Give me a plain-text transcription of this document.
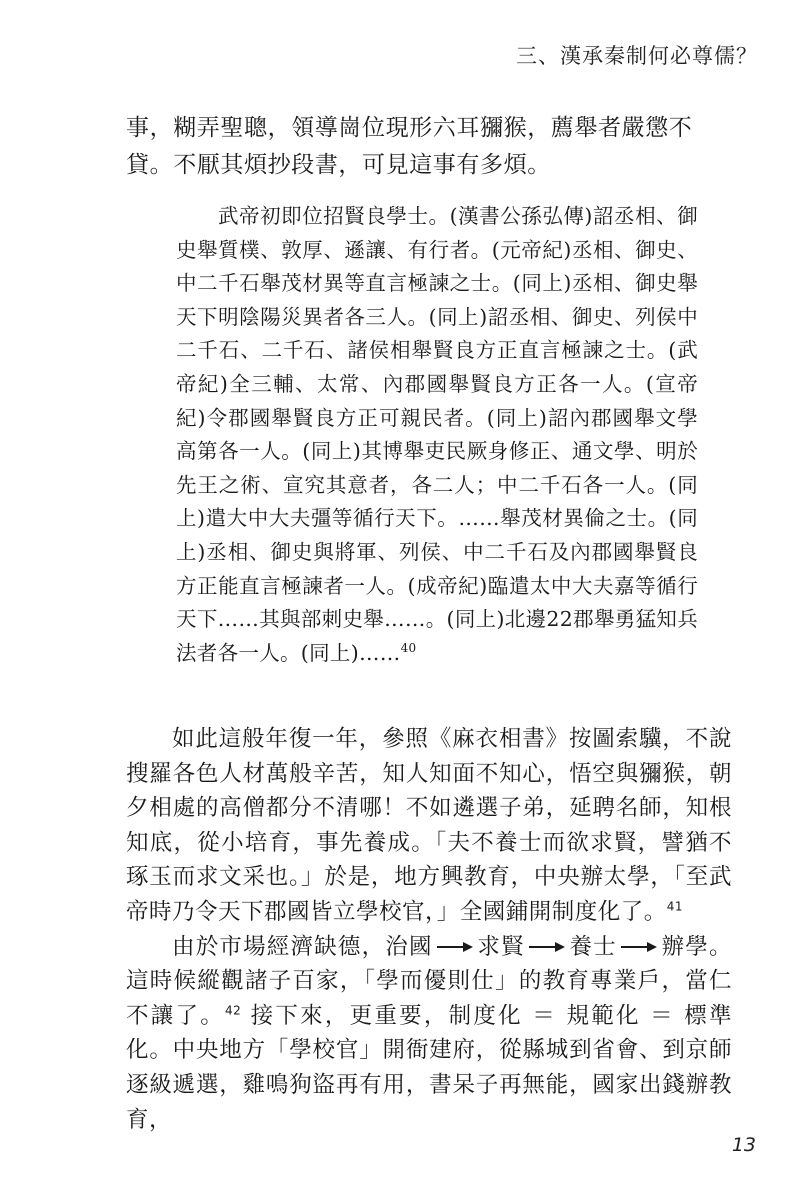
三、漢承秦制何必尊儒？

事，糊弄聖聰，領導崗位現形六耳獼猴，薦舉者嚴懲不貸。不厭其煩抄段書，可見這事有多煩。

武帝初即位招賢良學士。(漢書公孫弘傳)詔丞相、御史舉質樸、敦厚、遜讓、有行者。(元帝紀)丞相、御史、中二千石舉茂材異等直言極諫之士。(同上)丞相、御史舉天下明陰陽災異者各三人。(同上)詔丞相、御史、列侯中二千石、二千石、諸侯相舉賢良方正直言極諫之士。(武帝紀)全三輔、太常、內郡國舉賢良方正各一人。(宣帝紀)令郡國舉賢良方正可親民者。(同上)詔內郡國舉文學高第各一人。(同上)其博舉吏民厥身修正、通文學、明於先王之術、宣究其意者，各二人；中二千石各一人。(同上)遣大中大夫彊等循行天下。……舉茂材異倫之士。(同上)丞相、御史與將軍、列侯、中二千石及內郡國舉賢良方正能直言極諫者一人。(成帝紀)臨遣太中大夫嘉等循行天下……其與部刺史舉……。(同上)北邊22郡舉勇猛知兵法者各一人。(同上)……$^{40}$

如此這般年復一年，參照《麻衣相書》按圖索驥，不說搜羅各色人材萬般辛苦，知人知面不知心，悟空與獼猴，朝夕相處的高僧都分不清哪！不如遴選子弟，延聘名師，知根知底，從小培育，事先養成。「夫不養士而欲求賢，譬猶不琢玉而求文采也。」於是，地方興教育，中央辦太學，「至武帝時乃令天下郡國皆立學校官，」全國鋪開制度化了。$^{41}$

由於市場經濟缺德，治國 求賢 養士 辦學。這時候縱觀諸子百家，「學而優則仕」的教育專業戶，當仁不讓了。$^{42}$ 接下來，更重要，制度化 ＝ 規範化 ＝ 標準化。中央地方「學校官」開衙建府，從縣城到省會、到京師逐級遞選，雞鳴狗盜再有用，書呆子再無能，國家出錢辦教育，

13
